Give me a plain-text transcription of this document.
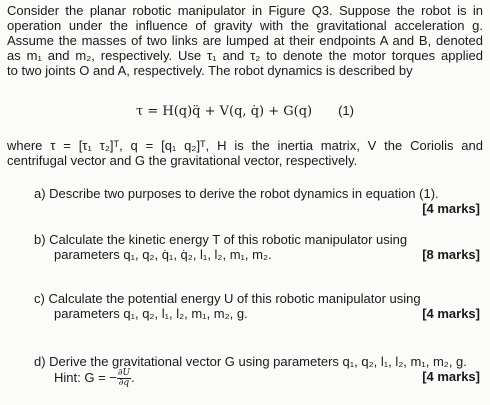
Consider the planar robotic manipulator in Figure Q3. Suppose the robot is in
operation under the influence of gravity with the gravitational acceleration g.
Assume the masses of two links are lumped at their endpoints A and B, denoted
as m₁ and m₂, respectively. Use τ₁ and τ₂ to denote the motor torques applied
to two joints O and A, respectively. The robot dynamics is described by
τ = H(q)q̈ + V(q, q̇) + G(q) (1)
where τ = [τ₁ τ₂]ᵀ, q = [q₁ q₂]ᵀ, H is the inertia matrix, V the Coriolis and
centrifugal vector and G the gravitational vector, respectively.
a) Describe two purposes to derive the robot dynamics in equation (1).
[4 marks]
b) Calculate the kinetic energy T of this robotic manipulator using
parameters q₁, q₂, q̇₁, q̇₂, l₁, l₂, m₁, m₂.	[8 marks]
c) Calculate the potential energy U of this robotic manipulator using
parameters q₁, q₂, l₁, l₂, m₁, m₂, g.	[4 marks]
d) Derive the gravitational vector G using parameters q₁, q₂, l₁, l₂, m₁, m₂, g.
Hint: G = − $\frac{\partial U}{\partial q}$ .	[4 marks]
